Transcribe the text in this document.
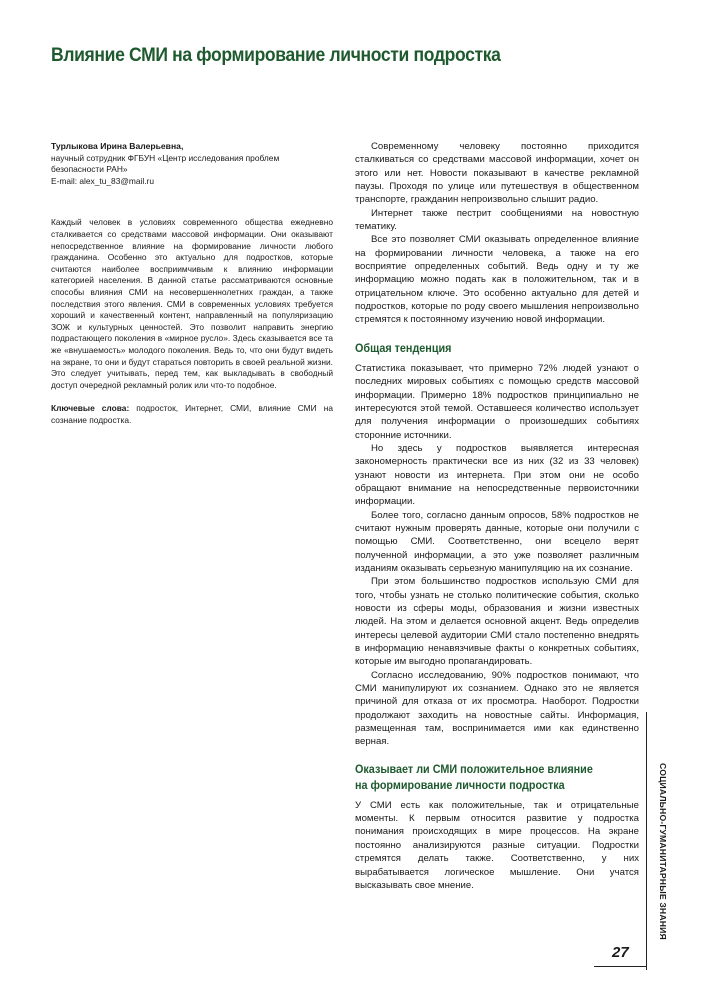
Влияние СМИ на формирование личности подростка
Турлыкова Ирина Валерьевна,
научный сотрудник ФГБУН «Центр исследования проблем
безопасности РАН»
E-mail: alex_tu_83@mail.ru
Каждый человек в условиях современного общества ежедневно сталкивается со средствами массовой информации. Они оказывают непосредственное влияние на формирование личности любого гражданина. Особенно это актуально для подростков, которые считаются наиболее восприимчивым к влиянию информации категорией населения. В данной статье рассматриваются основные способы влияния СМИ на несовершеннолетних граждан, а также последствия этого явления. СМИ в современных условиях требуется хороший и качественный контент, направленный на популяризацию ЗОЖ и культурных ценностей. Это позволит направить энергию подрастающего поколения в «мирное русло». Здесь сказывается все та же «внушаемость» молодого поколения. Ведь то, что они будут видеть на экране, то они и будут стараться повторить в своей реальной жизни. Это следует учитывать, перед тем, как выкладывать в свободный доступ очередной рекламный ролик или что-то подобное.
Ключевые слова: подросток, Интернет, СМИ, влияние СМИ на сознание подростка.

Современному человеку постоянно приходится сталкиваться со средствами массовой информации, хочет он этого или нет. Новости показывают в качестве рекламной паузы. Проходя по улице или путешествуя в общественном транспорте, гражданин непроизвольно слышит радио.

Интернет также пестрит сообщениями на новостную тематику.

Все это позволяет СМИ оказывать определенное влияние на формировании личности человека, а также на его восприятие определенных событий. Ведь одну и ту же информацию можно подать как в положительном, так и в отрицательном ключе. Это особенно актуально для детей и подростков, которые по роду своего мышления непроизвольно стремятся к постоянному изучению новой информации.

Общая тенденция

Статистика показывает, что примерно 72% людей узнают о последних мировых событиях с помощью средств массовой информации. Примерно 18% подростков принципиально не интересуются этой темой. Оставшееся количество использует для получения информации о произошедших событиях сторонние источники.

Но здесь у подростков выявляется интересная закономерность практически все из них (32 из 33 человек) узнают новости из интернета. При этом они не особо обращают внимание на непосредственные первоисточники информации.

Более того, согласно данным опросов, 58% подростков не считают нужным проверять данные, которые они получили с помощью СМИ. Соответственно, они всецело верят полученной информации, а это уже позволяет различным изданиям оказывать серьезную манипуляцию на их сознание.

При этом большинство подростков использую СМИ для того, чтобы узнать не столько политические события, сколько новости из сферы моды, образования и жизни известных людей. На этом и делается основной акцент. Ведь определив интересы целевой аудитории СМИ стало постепенно внедрять в информацию ненавязчивые факты о конкретных событиях, которые им выгодно пропагандировать.

Согласно исследованию, 90% подростков понимают, что СМИ манипулируют их сознанием. Однако это не является причиной для отказа от их просмотра. Наоборот. Подростки продолжают заходить на новостные сайты. Информация, размещенная там, воспринимается ими как единственно верная.

Оказывает ли СМИ положительное влияние
на формирование личности подростка

У СМИ есть как положительные, так и отрицательные моменты. К первым относится развитие у подростка понимания происходящих в мире процессов. На экране постоянно анализируются разные ситуации. Подростки стремятся делать также. Соответственно, у них вырабатывается логическое мышление. Они учатся высказывать свое мнение.	СОЦИАЛЬНО-ГУМАНИТАРНЫЕ ЗНАНИЯ
27
